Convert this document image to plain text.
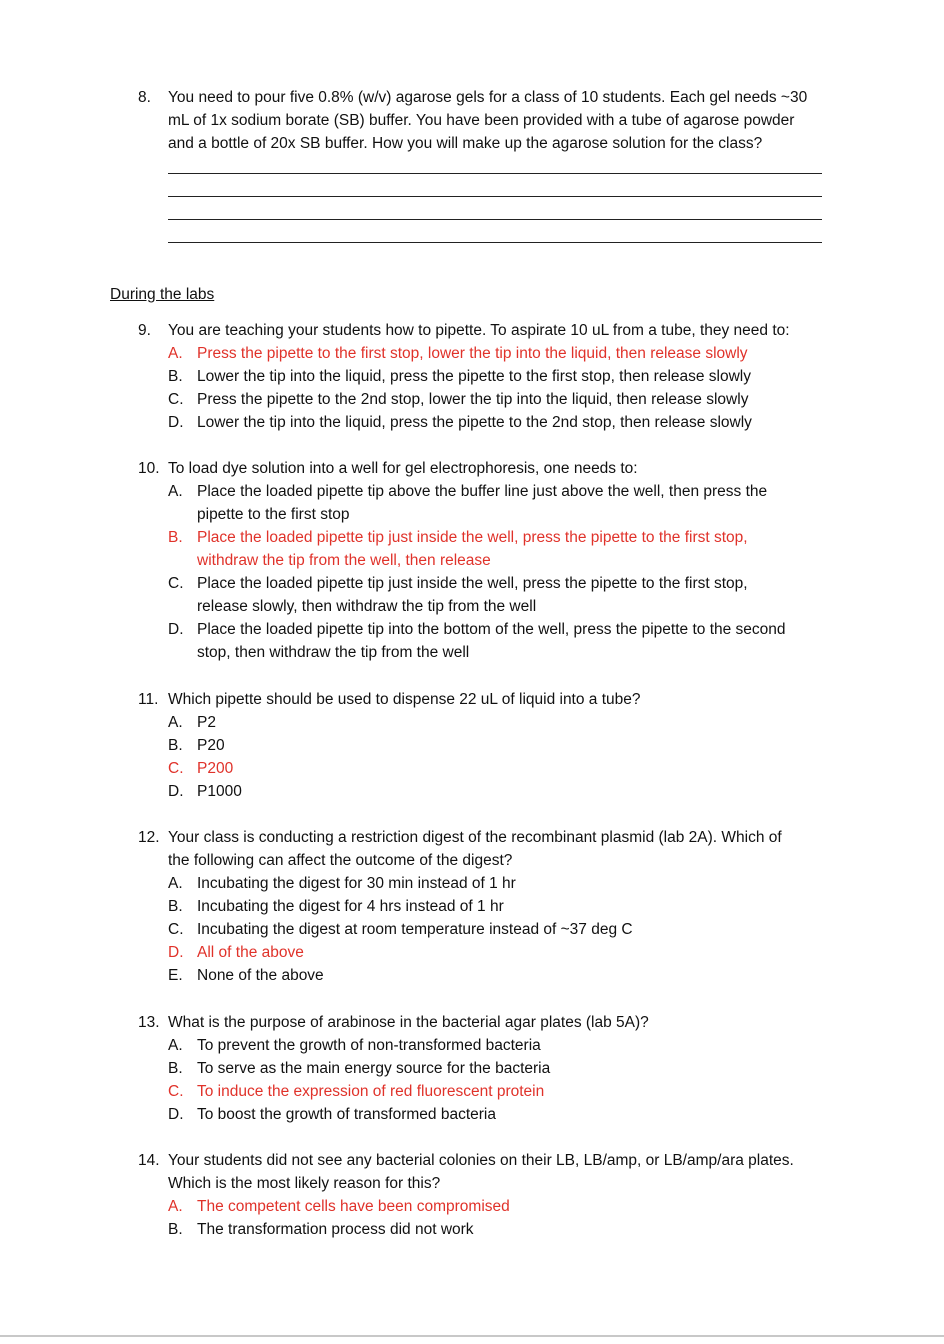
8. You need to pour five 0.8% (w/v) agarose gels for a class of 10 students. Each gel needs ~30
mL of 1x sodium borate (SB) buffer. You have been provided with a tube of agarose powder
and a bottle of 20x SB buffer. How you will make up the agarose solution for the class?
During the labs
9. You are teaching your students how to pipette. To aspirate 10 uL from a tube, they need to:
A. Press the pipette to the first stop, lower the tip into the liquid, then release slowly
B. Lower the tip into the liquid, press the pipette to the first stop, then release slowly
C. Press the pipette to the 2nd stop, lower the tip into the liquid, then release slowly
D. Lower the tip into the liquid, press the pipette to the 2nd stop, then release slowly
10. To load dye solution into a well for gel electrophoresis, one needs to:
A. Place the loaded pipette tip above the buffer line just above the well, then press the
pipette to the first stop
B. Place the loaded pipette tip just inside the well, press the pipette to the first stop,
withdraw the tip from the well, then release
C. Place the loaded pipette tip just inside the well, press the pipette to the first stop,
release slowly, then withdraw the tip from the well
D. Place the loaded pipette tip into the bottom of the well, press the pipette to the second
stop, then withdraw the tip from the well
11. Which pipette should be used to dispense 22 uL of liquid into a tube?
A. P2
B. P20
C. P200
D. P1000
12. Your class is conducting a restriction digest of the recombinant plasmid (lab 2A). Which of
the following can affect the outcome of the digest?
A. Incubating the digest for 30 min instead of 1 hr
B. Incubating the digest for 4 hrs instead of 1 hr
C. Incubating the digest at room temperature instead of ~37 deg C
D. All of the above
E. None of the above
13. What is the purpose of arabinose in the bacterial agar plates (lab 5A)?
A. To prevent the growth of non-transformed bacteria
B. To serve as the main energy source for the bacteria
C. To induce the expression of red fluorescent protein
D. To boost the growth of transformed bacteria
14. Your students did not see any bacterial colonies on their LB, LB/amp, or LB/amp/ara plates.
Which is the most likely reason for this?
A. The competent cells have been compromised
B. The transformation process did not work
